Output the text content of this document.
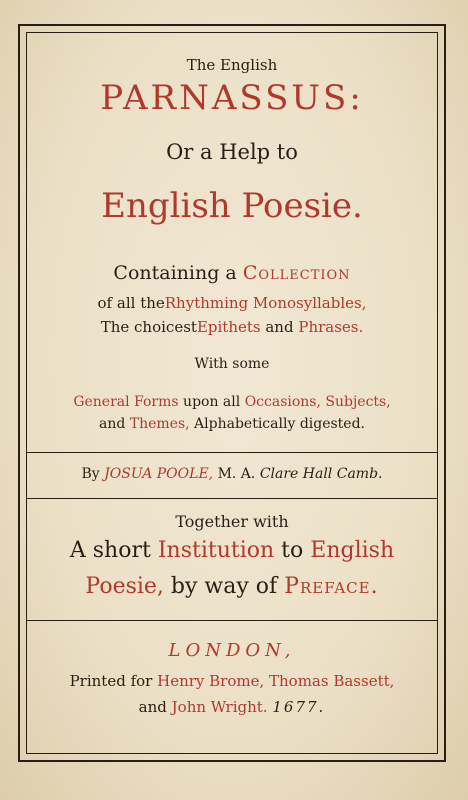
The English
PARNASSUS:
Or a Help to
English Poesie.
Containing a Collection
of all theRhythming Monosyllables,
The choicestEpithets and Phrases.
With some
General Forms upon all Occasions, Subjects,
and Themes, Alphabetically digested.
By JOSUA POOLE, M. A. Clare Hall Camb.
Together with
A short Institution to English
Poesie, by way of Preface.
LONDON,
Printed for Henry Brome, Thomas Bassett,
and John Wright. 1677.
